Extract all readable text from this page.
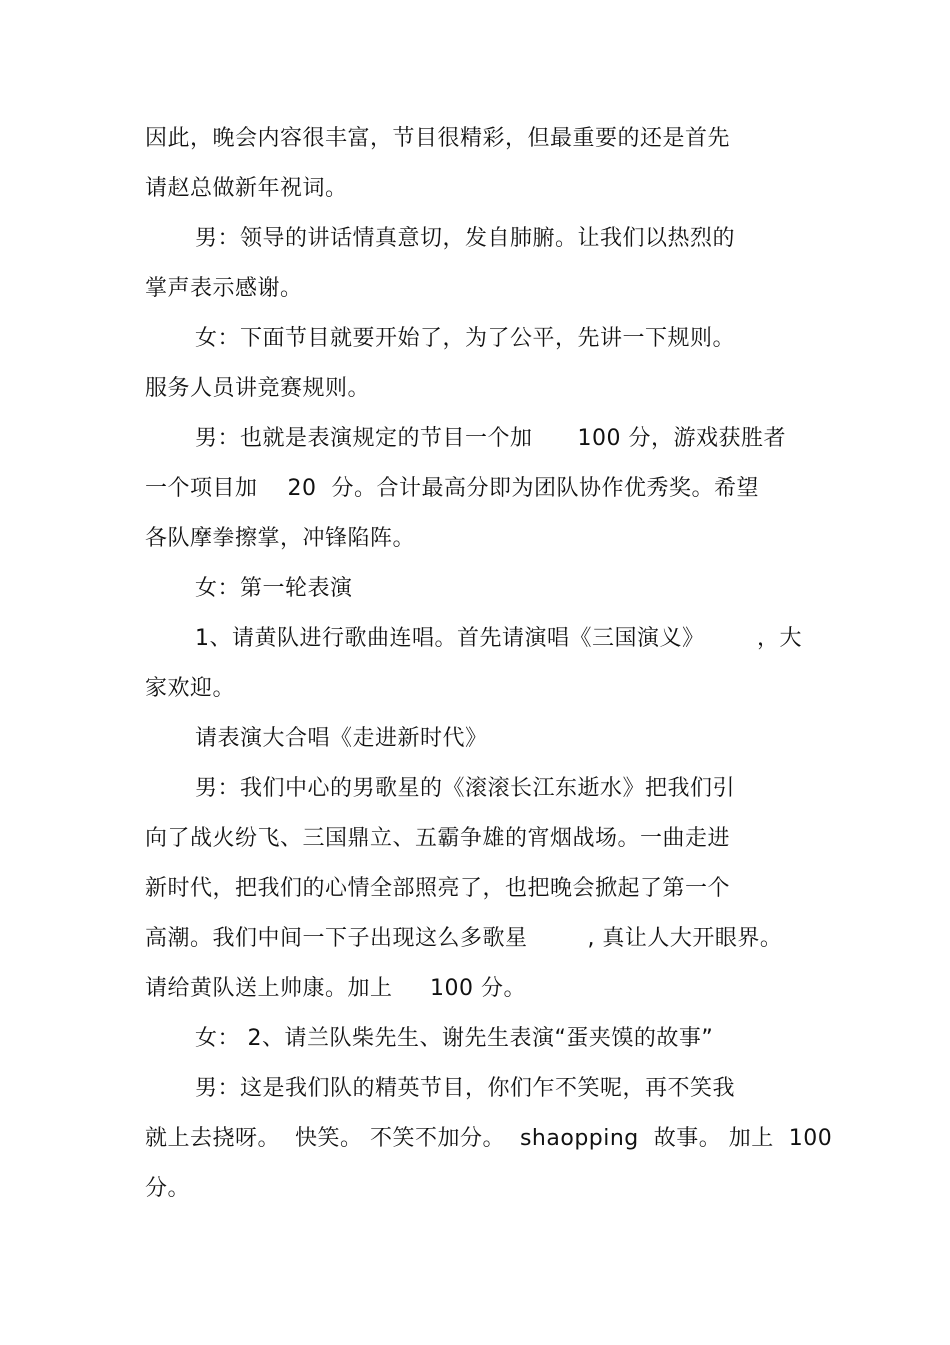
因此，晚会内容很丰富，节目很精彩，但最重要的还是首先
请赵总做新年祝词。
男：领导的讲话情真意切，发自肺腑。让我们以热烈的
掌声表示感谢。
女：下面节目就要开始了，为了公平，先讲一下规则。
服务人员讲竞赛规则。
男：也就是表演规定的节目一个加      100 分，游戏获胜者
一个项目加    20  分。合计最高分即为团队协作优秀奖。希望
各队摩拳擦掌，冲锋陷阵。
女：第一轮表演
1、请黄队进行歌曲连唱。首先请演唱《三国演义》       ，大
家欢迎。
请表演大合唱《走进新时代》
男：我们中心的男歌星的《滚滚长江东逝水》把我们引
向了战火纷飞、三国鼎立、五霸争雄的宵烟战场。一曲走进
新时代，把我们的心情全部照亮了，也把晚会掀起了第一个
高潮。我们中间一下子出现这么多歌星        , 真让人大开眼界。
请给黄队送上帅康。加上     100 分。
女： 2、请兰队柴先生、谢先生表演“蛋夹馍的故事”
男：这是我们队的精英节目，你们乍不笑呢，再不笑我
就上去挠呀。  快笑。 不笑不加分。  shaopping  故事。 加上  100
分。
